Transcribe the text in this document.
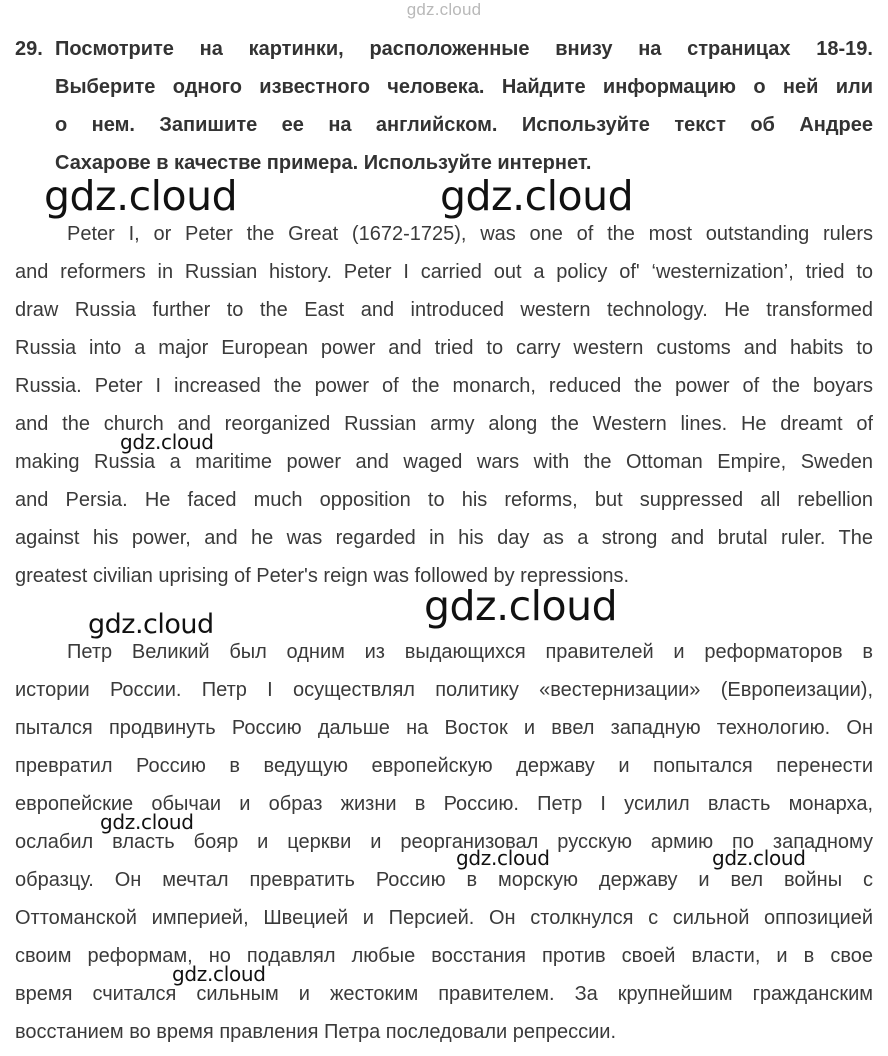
gdz.cloud
29. Посмотрите на картинки, расположенные внизу на страницах 18-19.
Выберите одного известного человека. Найдите информацию о ней или
о нем. Запишите ее на английском. Используйте текст об Андрее
Сахарове в качестве примера. Используйте интернет.
Peter I, or Peter the Great (1672-1725), was one of the most outstanding rulers
and reformers in Russian history. Peter I carried out a policy of' ‘westernization’, tried to
draw Russia further to the East and introduced western technology. He transformed
Russia into a major European power and tried to carry western customs and habits to
Russia. Peter I increased the power of the monarch, reduced the power of the boyars
and the church and reorganized Russian army along the Western lines. He dreamt of
making Russia a maritime power and waged wars with the Ottoman Empire, Sweden
and Persia. He faced much opposition to his reforms, but suppressed all rebellion
against his power, and he was regarded in his day as a strong and brutal ruler. The
greatest civilian uprising of Peter's reign was followed by repressions.
Петр Великий был одним из выдающихся правителей и реформаторов в
истории России. Петр I осуществлял политику «вестернизации» (Европеизации),
пытался продвинуть Россию дальше на Восток и ввел западную технологию. Он
превратил Россию в ведущую европейскую державу и попытался перенести
европейские обычаи и образ жизни в Россию. Петр I усилил власть монарха,
ослабил власть бояр и церкви и реорганизовал русскую армию по западному
образцу. Он мечтал превратить Россию в морскую державу и вел войны с
Оттоманской империей, Швецией и Персией. Он столкнулся с сильной оппозицией
своим реформам, но подавлял любые восстания против своей власти, и в свое
время считался сильным и жестоким правителем. За крупнейшим гражданским
восстанием во время правления Петра последовали репрессии.
gdz.cloud	gdz.cloud
gdz.cloud
gdz.cloud
gdz.cloud
gdz.cloud
gdz.cloud	gdz.cloud
gdz.cloud
